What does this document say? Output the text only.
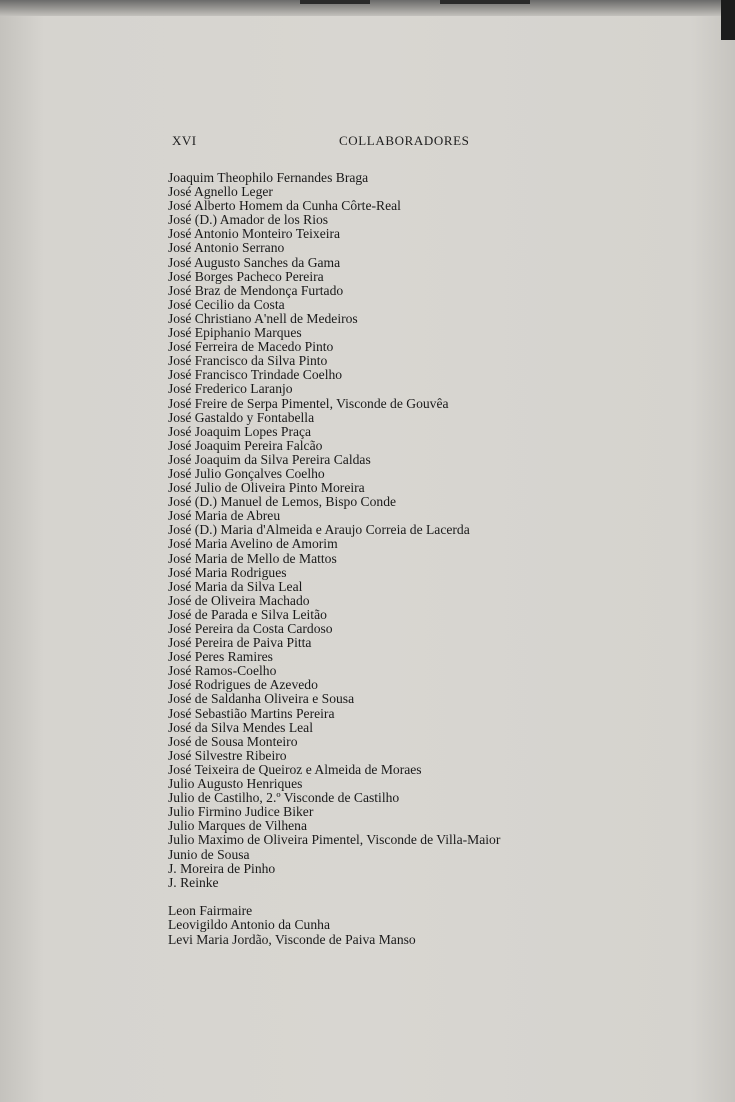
XVI	COLLABORADORES
Joaquim Theophilo Fernandes Braga
José Agnello Leger
José Alberto Homem da Cunha Côrte-Real
José (D.) Amador de los Rios
José Antonio Monteiro Teixeira
José Antonio Serrano
José Augusto Sanches da Gama
José Borges Pacheco Pereira
José Braz de Mendonça Furtado
José Cecilio da Costa
José Christiano A'nell de Medeiros
José Epiphanio Marques
José Ferreira de Macedo Pinto
José Francisco da Silva Pinto
José Francisco Trindade Coelho
José Frederico Laranjo
José Freire de Serpa Pimentel, Visconde de Gouvêa
José Gastaldo y Fontabella
José Joaquim Lopes Praça
José Joaquim Pereira Falcão
José Joaquim da Silva Pereira Caldas
José Julio Gonçalves Coelho
José Julio de Oliveira Pinto Moreira
José (D.) Manuel de Lemos, Bispo Conde
José Maria de Abreu
José (D.) Maria d'Almeida e Araujo Correia de Lacerda
José Maria Avelino de Amorim
José Maria de Mello de Mattos
José Maria Rodrigues
José Maria da Silva Leal
José de Oliveira Machado
José de Parada e Silva Leitão
José Pereira da Costa Cardoso
José Pereira de Paiva Pitta
José Peres Ramires
José Ramos-Coelho
José Rodrigues de Azevedo
José de Saldanha Oliveira e Sousa
José Sebastião Martins Pereira
José da Silva Mendes Leal
José de Sousa Monteiro
José Silvestre Ribeiro
José Teixeira de Queiroz e Almeida de Moraes
Julio Augusto Henriques
Julio de Castilho, 2.º Visconde de Castilho
Julio Firmino Judice Biker
Julio Marques de Vilhena
Julio Maximo de Oliveira Pimentel, Visconde de Villa-Maior
Junio de Sousa
J. Moreira de Pinho
J. Reinke
Leon Fairmaire
Leovigildo Antonio da Cunha
Levi Maria Jordão, Visconde de Paiva Manso
